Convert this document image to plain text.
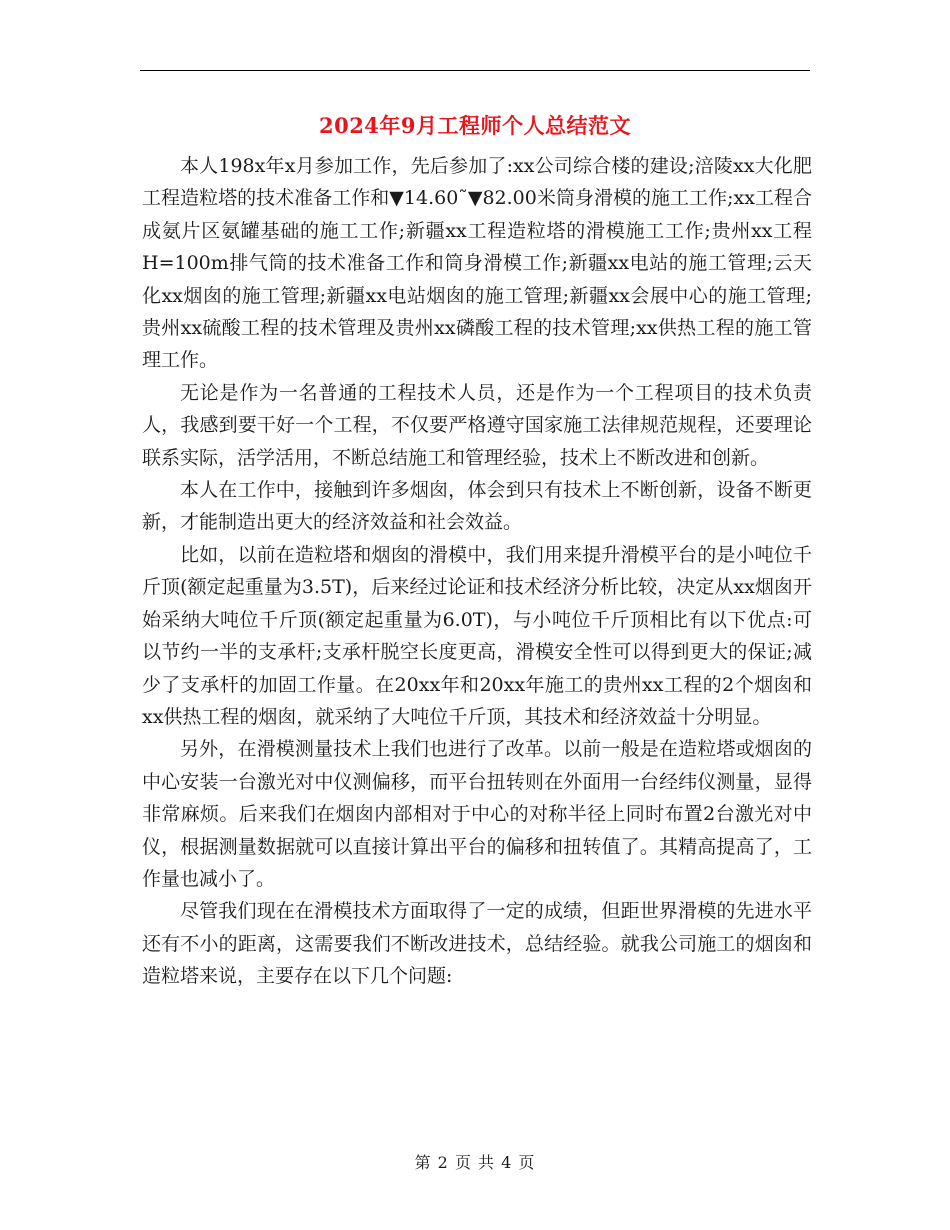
2024年9月工程师个人总结范文

本人198x年x月参加工作，先后参加了:xx公司综合楼的建设;涪陵xx大化肥工程造粒塔的技术准备工作和▼14.60˜▼82.00米筒身滑模的施工工作;xx工程合成氨片区氨罐基础的施工工作;新疆xx工程造粒塔的滑模施工工作;贵州xx工程H=100m排气筒的技术准备工作和筒身滑模工作;新疆xx电站的施工管理;云天化xx烟囱的施工管理;新疆xx电站烟囱的施工管理;新疆xx会展中心的施工管理;贵州xx硫酸工程的技术管理及贵州xx磷酸工程的技术管理;xx供热工程的施工管理工作。

无论是作为一名普通的工程技术人员，还是作为一个工程项目的技术负责人，我感到要干好一个工程，不仅要严格遵守国家施工法律规范规程，还要理论联系实际，活学活用，不断总结施工和管理经验，技术上不断改进和创新。

本人在工作中，接触到许多烟囱，体会到只有技术上不断创新，设备不断更新，才能制造出更大的经济效益和社会效益。

比如，以前在造粒塔和烟囱的滑模中，我们用来提升滑模平台的是小吨位千斤顶(额定起重量为3.5T)，后来经过论证和技术经济分析比较，决定从xx烟囱开始采纳大吨位千斤顶(额定起重量为6.0T)，与小吨位千斤顶相比有以下优点:可以节约一半的支承杆;支承杆脱空长度更高，滑模安全性可以得到更大的保证;减少了支承杆的加固工作量。在20xx年和20xx年施工的贵州xx工程的2个烟囱和xx供热工程的烟囱，就采纳了大吨位千斤顶，其技术和经济效益十分明显。

另外，在滑模测量技术上我们也进行了改革。以前一般是在造粒塔或烟囱的中心安装一台激光对中仪测偏移，而平台扭转则在外面用一台经纬仪测量，显得非常麻烦。后来我们在烟囱内部相对于中心的对称半径上同时布置2台激光对中仪，根据测量数据就可以直接计算出平台的偏移和扭转值了。其精高提高了，工作量也减小了。

尽管我们现在在滑模技术方面取得了一定的成绩，但距世界滑模的先进水平还有不小的距离，这需要我们不断改进技术，总结经验。就我公司施工的烟囱和造粒塔来说，主要存在以下几个问题:

第 2 页 共 4 页
